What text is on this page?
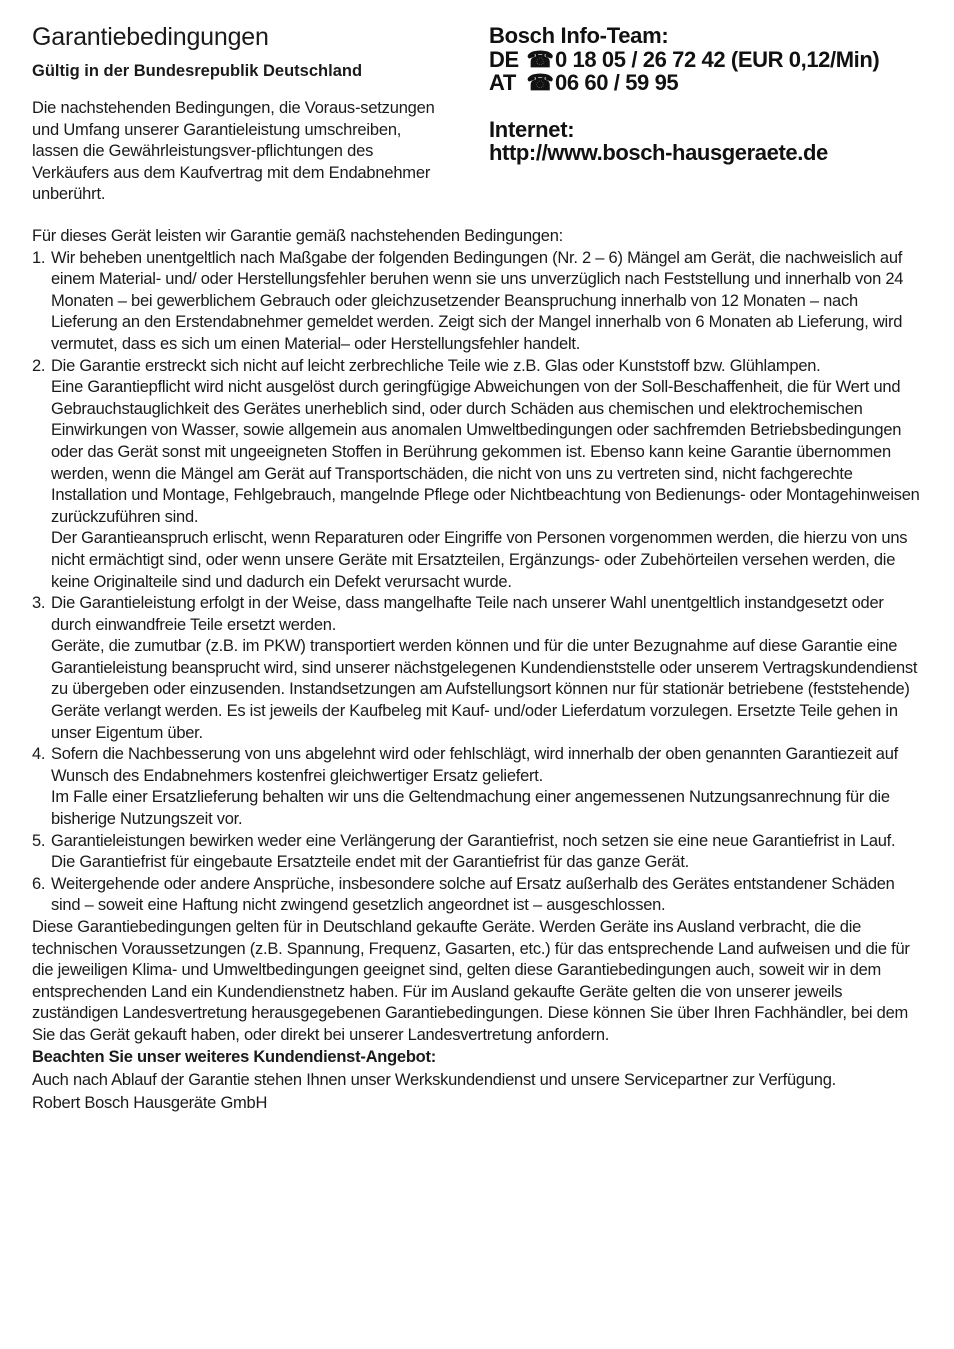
Garantiebedingungen
Gültig in der Bundesrepublik Deutschland

Die nachstehenden Bedingungen, die Voraus-setzungen und Umfang unserer Garantieleistung umschreiben, lassen die Gewährleistungsver-pflichtungen des Verkäufers aus dem Kaufvertrag mit dem Endabnehmer unberührt.

Bosch Info-Team:
DE ☎ 0 18 05 / 26 72 42 (EUR 0,12/Min)
AT ☎ 06 60 / 59 95
Internet:
http://www.bosch-hausgeraete.de

Für dieses Gerät leisten wir Garantie gemäß nachstehenden Bedingungen:

1. Wir beheben unentgeltlich nach Maßgabe der folgenden Bedingungen (Nr. 2 – 6) Mängel am Gerät, die nachweislich auf einem Material- und/ oder Herstellungsfehler beruhen wenn sie uns unverzüglich nach Feststellung und innerhalb von 24 Monaten – bei gewerblichem Gebrauch oder gleichzusetzender Beanspruchung innerhalb von 12 Monaten – nach Lieferung an den Erstendabnehmer gemeldet werden. Zeigt sich der Mangel innerhalb von 6 Monaten ab Lieferung, wird vermutet, dass es sich um einen Material– oder Herstellungsfehler handelt.

2. Die Garantie erstreckt sich nicht auf leicht zerbrechliche Teile wie z.B. Glas oder Kunststoff bzw. Glühlampen.

Eine Garantiepflicht wird nicht ausgelöst durch geringfügige Abweichungen von der Soll-Beschaffenheit, die für Wert und Gebrauchstauglichkeit des Gerätes unerheblich sind, oder durch Schäden aus chemischen und elektrochemischen Einwirkungen von Wasser, sowie allgemein aus anomalen Umweltbedingungen oder sachfremden Betriebsbedingungen oder das Gerät sonst mit ungeeigneten Stoffen in Berührung gekommen ist. Ebenso kann keine Garantie übernommen werden, wenn die Mängel am Gerät auf Transportschäden, die nicht von uns zu vertreten sind, nicht fachgerechte Installation und Montage, Fehlgebrauch, mangelnde Pflege oder Nichtbeachtung von Bedienungs- oder Montagehinweisen zurückzuführen sind.

Der Garantieanspruch erlischt, wenn Reparaturen oder Eingriffe von Personen vorgenommen werden, die hierzu von uns nicht ermächtigt sind, oder wenn unsere Geräte mit Ersatzteilen, Ergänzungs- oder Zubehörteilen versehen werden, die keine Originalteile sind und dadurch ein Defekt verursacht wurde.

3. Die Garantieleistung erfolgt in der Weise, dass mangelhafte Teile nach unserer Wahl unentgeltlich instandgesetzt oder durch einwandfreie Teile ersetzt werden.

Geräte, die zumutbar (z.B. im PKW) transportiert werden können und für die unter Bezugnahme auf diese Garantie eine Garantieleistung beansprucht wird, sind unserer nächstgelegenen Kundendienststelle oder unserem Vertragskundendienst zu übergeben oder einzusenden. Instandsetzungen am Aufstellungsort können nur für stationär betriebene (feststehende) Geräte verlangt werden. Es ist jeweils der Kaufbeleg mit Kauf- und/oder Lieferdatum vorzulegen. Ersetzte Teile gehen in unser Eigentum über.

4. Sofern die Nachbesserung von uns abgelehnt wird oder fehlschlägt, wird innerhalb der oben genannten Garantiezeit auf Wunsch des Endabnehmers kostenfrei gleichwertiger Ersatz geliefert.

Im Falle einer Ersatzlieferung behalten wir uns die Geltendmachung einer angemessenen Nutzungsanrechnung für die bisherige Nutzungszeit vor.

5. Garantieleistungen bewirken weder eine Verlängerung der Garantiefrist, noch setzen sie eine neue Garantiefrist in Lauf. Die Garantiefrist für eingebaute Ersatzteile endet mit der Garantiefrist für das ganze Gerät.

6. Weitergehende oder andere Ansprüche, insbesondere solche auf Ersatz außerhalb des Gerätes entstandener Schäden sind – soweit eine Haftung nicht zwingend gesetzlich angeordnet ist – ausgeschlossen.

Diese Garantiebedingungen gelten für in Deutschland gekaufte Geräte. Werden Geräte ins Ausland verbracht, die die technischen Voraussetzungen (z.B. Spannung, Frequenz, Gasarten, etc.) für das entsprechende Land aufweisen und die für die jeweiligen Klima- und Umweltbedingungen geeignet sind, gelten diese Garantiebedingungen auch, soweit wir in dem entsprechenden Land ein Kundendienstnetz haben. Für im Ausland gekaufte Geräte gelten die von unserer jeweils zuständigen Landesvertretung herausgegebenen Garantiebedingungen. Diese können Sie über Ihren Fachhändler, bei dem Sie das Gerät gekauft haben, oder direkt bei unserer Landesvertretung anfordern.

Beachten Sie unser weiteres Kundendienst-Angebot:

Auch nach Ablauf der Garantie stehen Ihnen unser Werkskundendienst und unsere Servicepartner zur Verfügung.

Robert Bosch Hausgeräte GmbH
